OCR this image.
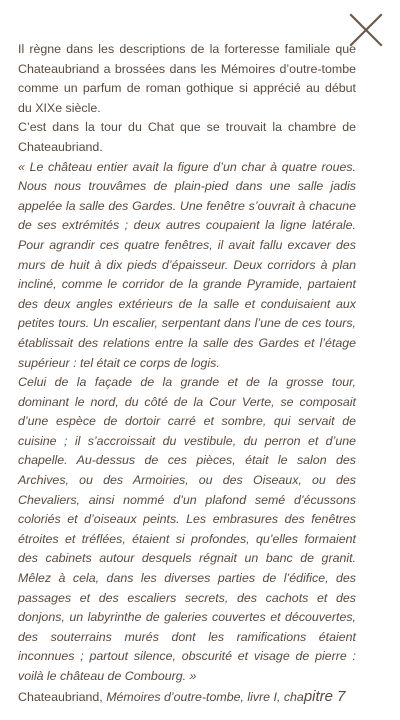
Il règne dans les descriptions de la forteresse familiale que Chateaubriand a brossées dans les Mémoires d’outre-tombe comme un parfum de roman gothique si apprécié au début du XIXe siècle.

C’est dans la tour du Chat que se trouvait la chambre de Chateaubriand.

« Le château entier avait la figure d’un char à quatre roues. Nous nous trouvâmes de plain-pied dans une salle jadis appelée la salle des Gardes. Une fenêtre s’ouvrait à chacune de ses extrémités ; deux autres coupaient la ligne latérale. Pour agrandir ces quatre fenêtres, il avait fallu excaver des murs de huit à dix pieds d’épaisseur. Deux corridors à plan incliné, comme le corridor de la grande Pyramide, partaient des deux angles extérieurs de la salle et conduisaient aux petites tours. Un escalier, serpentant dans l’une de ces tours, établissait des relations entre la salle des Gardes et l’étage supérieur : tel était ce corps de logis.

Celui de la façade de la grande et de la grosse tour, dominant le nord, du côté de la Cour Verte, se composait d’une espèce de dortoir carré et sombre, qui servait de cuisine ; il s’accroissait du vestibule, du perron et d’une chapelle. Au-dessus de ces pièces, était le salon des Archives, ou des Armoiries, ou des Oiseaux, ou des Chevaliers, ainsi nommé d’un plafond semé d’écussons coloriés et d’oiseaux peints. Les embrasures des fenêtres étroites et tréflées, étaient si profondes, qu’elles formaient des cabinets autour desquels régnait un banc de granit. Mêlez à cela, dans les diverses parties de l’édifice, des passages et des escaliers secrets, des cachots et des donjons, un labyrinthe de galeries couvertes et découvertes, des souterrains murés dont les ramifications étaient inconnues ; partout silence, obscurité et visage de pierre : voilà le château de Combourg. »

Chateaubriand, Mémoires d’outre-tombe, livre I, chapitre 7
